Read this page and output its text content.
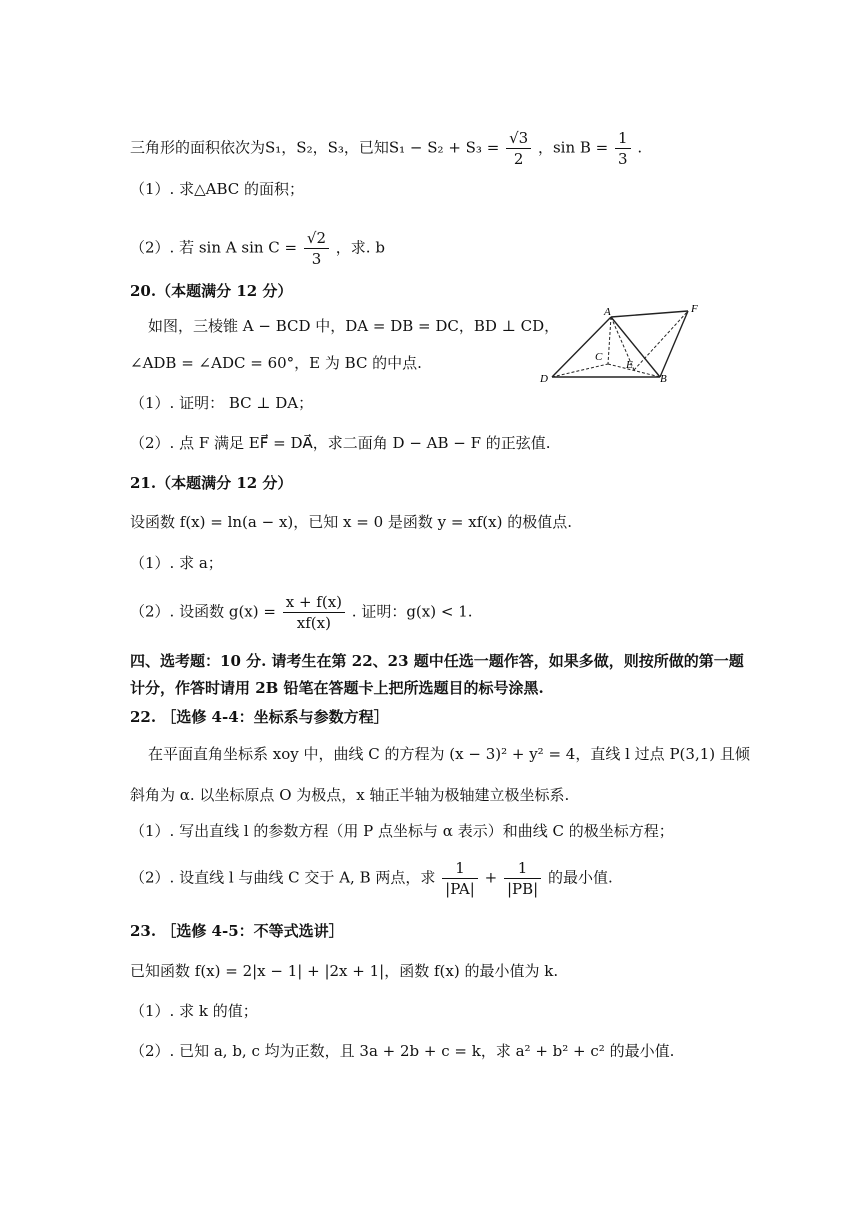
三角形的面积依次为S₁，S₂，S₃，已知$S_1 - S_2 + S_3 = \frac{√3}{2}$ ，$\sin B = \frac{1}{3}$ .
（1）. 求△ABC 的面积；
（2）. 若 sin A $\sin C = \frac{√2}{3}$ ，求. b
20.（本题满分 12 分）
如图，三棱锥 A − BCD 中，DA = DB = DC，BD ⊥ CD，
∠ADB = ∠ADC = 60°，E 为 BC 的中点.
（1）. 证明： BC ⊥ DA；
（2）. 点 F 满足 EF⃗ = DA⃗，求二面角 D − AB − F 的正弦值.
A	F
C
E
D	B
21.（本题满分 12 分）
设函数 f(x) = ln(a − x)，已知 x = 0 是函数 y = xf(x) 的极值点.
（1）. 求 a；
（2）. 设函数 $g(x) = \frac{x + f(x)}{xf(x)}$ . 证明：g(x) < 1.
四、选考题：10 分. 请考生在第 22、23 题中任选一题作答，如果多做，则按所做的第一题
计分，作答时请用 2B 铅笔在答题卡上把所选题目的标号涂黑.
22. ［选修 4-4：坐标系与参数方程］
在平面直角坐标系 xoy 中，曲线 C 的方程为 (x − 3)² + y² = 4，直线 l 过点 P(3,1) 且倾
斜角为 α. 以坐标原点 O 为极点，x 轴正半轴为极轴建立极坐标系.
（1）. 写出直线 l 的参数方程（用 P 点坐标与 α 表示）和曲线 C 的极坐标方程；
（2）. 设直线 l 与曲线 C 交于 A, B 两点，求 $\frac{1}{|PA|} + \frac{1}{|PB|}$ 的最小值.
23. ［选修 4-5：不等式选讲］
已知函数 f(x) = 2|x − 1| + |2x + 1|，函数 f(x) 的最小值为 k.
（1）. 求 k 的值；
（2）. 已知 a, b, c 均为正数，且 3a + 2b + c = k，求 a² + b² + c² 的最小值.
